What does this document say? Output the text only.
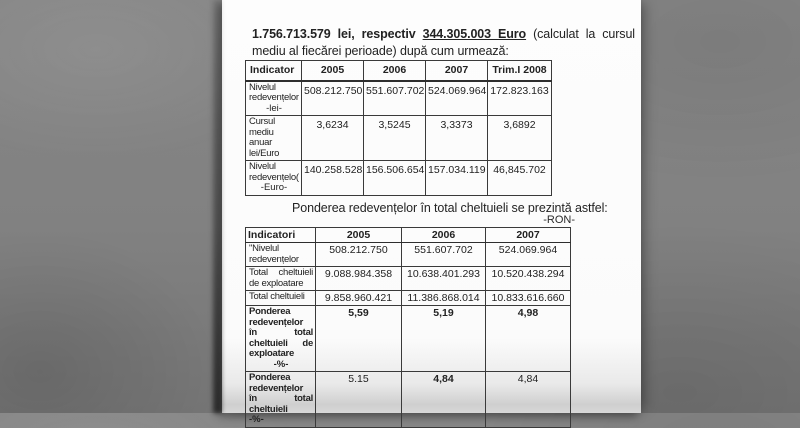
1.756.713.579 lei, respectiv 344.305.003 Euro (calculat la cursul mediu al fiecărei perioade) după cum urmează:

Indicator	2005	2006	2007	Trim.I 2008

Nivelul redevențelor
-lei-	508.212.750	551.607.702	524.069.964	172.823.163

Cursul mediu anuar lei/Euro	3,6234	3,5245	3,3373	3,6892

Nivelul redevențelo(
-Euro-	140.258.528	156.506.654	157.034.119	46,845.702

Ponderea redevențelor în total cheltuieli se prezintă astfel:

-RON-
Indicatori	2005	2006	2007

"Nivelul redevențelor	508.212.750	551.607.702	524.069.964

Total cheltuieli de exploatare	9.088.984.358	10.638.401.293	10.520.438.294

Total cheltuieli	9.858.960.421	11.386.868.014	10.833.616.660

Ponderea redevențelor în total cheltuieli de exploatare
-%-	5,59	5,19	4,98

Ponderea redevențelor în total cheltuieli
-%-	5.15	4,84	4,84
